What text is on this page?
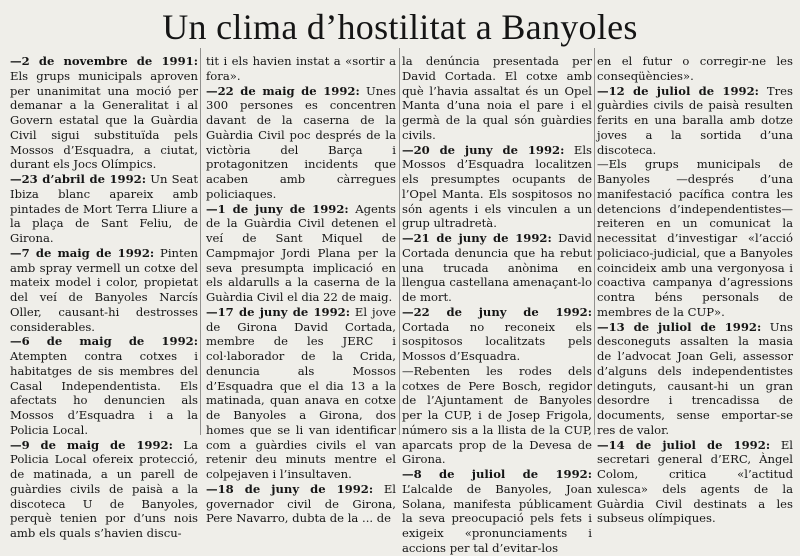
Un clima d’hostilitat a Banyoles

—2 de novembre de 1991: Els grups municipals aproven per unanimitat una moció per demanar a la Generalitat i al Govern estatal que la Guàrdia Civil sigui substituïda pels Mossos d’Esquadra, a ciutat, durant els Jocs Olímpics.

—23 d’abril de 1992: Un Seat Ibiza blanc apareix amb pintades de Mort Terra Lliure a la plaça de Sant Feliu, de Girona.

—7 de maig de 1992: Pinten amb spray vermell un cotxe del mateix model i color, propietat del veí de Banyoles Narcís Oller, causant-hi destrosses considerables.

—6 de maig de 1992: Atempten contra cotxes i habitatges de sis membres del Casal Independentista. Els afectats ho denuncien als Mossos d’Esquadra i a la Policia Local.

—9 de maig de 1992: La Policia Local ofereix protecció, de matinada, a un parell de guàrdies civils de paisà a la discoteca U de Banyoles, perquè tenien por d’uns nois amb els quals s’havien discu-

tit i els havien instat a «sortir a fora».

—22 de maig de 1992: Unes 300 persones es concentren davant de la caserna de la Guàrdia Civil poc després de la victòria del Barça i protagonitzen incidents que acaben amb càrregues policiaques.

—1 de juny de 1992: Agents de la Guàrdia Civil detenen el veí de Sant Miquel de Campmajor Jordi Plana per la seva presumpta implicació en els aldarulls a la caserna de la Guàrdia Civil el dia 22 de maig.

—17 de juny de 1992: El jove de Girona David Cortada, membre de les JERC i col·laborador de la Crida, denuncia als Mossos d’Esquadra que el dia 13 a la matinada, quan anava en cotxe de Banyoles a Girona, dos homes que se li van identificar com a guàrdies civils el van retenir deu minuts mentre el colpejaven i l’insultaven.

—18 de juny de 1992: El governador civil de Girona, Pere Navarro, dubta de la ... de

la denúncia presentada per David Cortada. El cotxe amb què l’havia assaltat és un Opel Manta d’una noia el pare i el germà de la qual són guàrdies civils.

—20 de juny de 1992: Els Mossos d’Esquadra localitzen els presumptes ocupants de l’Opel Manta. Els sospitosos no són agents i els vinculen a un grup ultradretà.

—21 de juny de 1992: David Cortada denuncia que ha rebut una trucada anònima en llengua castellana amenaçant-lo de mort.

—22 de juny de 1992: Cortada no reconeix els sospitosos localitzats pels Mossos d’Esquadra.

—Rebenten les rodes dels cotxes de Pere Bosch, regidor de l’Ajuntament de Banyoles per la CUP, i de Josep Frigola, número sis a la llista de la CUP, aparcats prop de la Devesa de Girona.

—8 de juliol de 1992: L’alcalde de Banyoles, Joan Solana, manifesta públicament la seva preocupació pels fets i exigeix «pronunciaments i accions per tal d’evitar-los

en el futur o corregir-ne les conseqüències».

—12 de juliol de 1992: Tres guàrdies civils de paisà resulten ferits en una baralla amb dotze joves a la sortida d’una discoteca.

—Els grups municipals de Banyoles —després d’una manifestació pacífica contra les detencions d’independentistes— reiteren en un comunicat la necessitat d’investigar «l’acció policiaco-judicial, que a Banyoles coincideix amb una vergonyosa i coactiva campanya d’agressions contra béns personals de membres de la CUP».

—13 de juliol de 1992: Uns desconeguts assalten la masia de l’advocat Joan Geli, assessor d’alguns dels independentistes detinguts, causant-hi un gran desordre i trencadissa de documents, sense emportar-se res de valor.

—14 de juliol de 1992: El secretari general d’ERC, Àngel Colom, critica «l’actitud xulesca» dels agents de la Guàrdia Civil destinats a les subseus olímpiques.
